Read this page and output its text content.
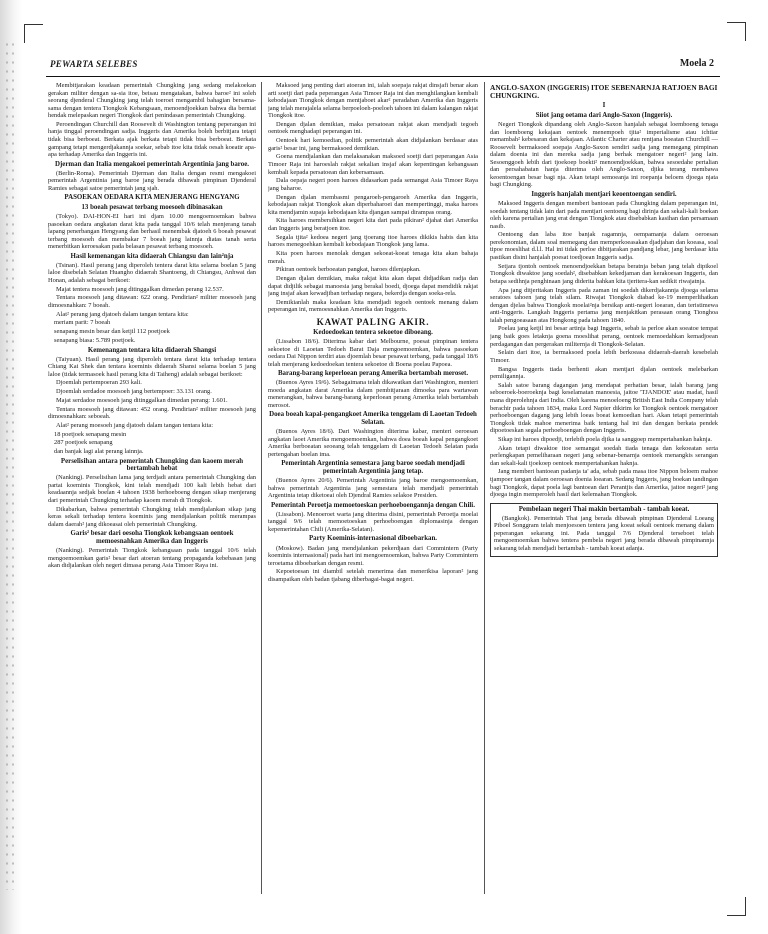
PEWARTA SELEBES	Moela 2

Membitjarakan keadaan pemerintah Chungking jang sedang melakoekan gerakan militer dengan sa-sia itoe, beisau mengatakan, bahwa baroe² ini soleh seorang djenderal Chungking jang telah toeroet mengambil bahagian bersama-sama dengan tentera Tiongkok Kebangsaan, menoendjoekkan bahwa dia berniat hendak melepaskan negeri Tiongkok dari penindasan pemerintah Chungking.

Peroendingan Churchill dan Roosevelt di Washington tentang peperangan ini hanja tinggal peroendingan sadja. Inggeris dan Amerika boleh berbitjara tetapi tidak bisa berboeat. Berkata ajak berkata tetapi tidak bisa berboeat. Berkata gampang tetapi mengerdjakannja soekar, sebab itoe kita tidak oesah koeatir apa-apa terhadap Amerika dan Inggeris ini.

Djerman dan Italia mengakoei pemerintah Argentinia jang baroe.

(Berlin-Roma). Pemerintah Djerman dan Italia dengan resmi mengakoei pemerintah Argentinia jang baroe jang berada dibawah pimpinan Djenderal Ramies sebagai satoe pemerintah jang sjah.

PASOEKAN OEDARA KITA MENJERANG HENGYANG
13 boeah pesawat terbang moesoeh dibinasakan

(Tokyo). DAI-HON-EI hari ini djam 10.00 mengoemoemkan bahwa pasoekan oedara angkatan darat kita pada tanggal 10/6 telah menjerang tanah lapang penerbangan Hengyang dan berhasil menembak djatoeh 6 boeah pesawat terbang moesoeh dan membakar 7 boeah jang lainnja diatas tanah serta menerbitkan keroesakan pada belasan pesawat terbang moesoeh.

Hasil kemenangan kita didaerah Chiangsu dan lain²nja

(Tsinan). Hasil perang jang diperoleh tentera darat kita selama boelan 5 jang laloe disebelah Selatan Huangho didaerah Shantoeng, di Chiangsu, Anhwai dan Honan, adalah sebagai berikoet:

Majat tentera moesoeh jang ditinggalkan dimedan perang 12.537.

Tentara moesoeh jang ditawan: 622 orang. Pendirian² militer moesoeh jang dimoesnahkan: 7 boeah.

Alat² perang jang djatoeh dalam tangan tentara kita:

meriam parit: 7 boeah

senapang mesin besar dan ketjil 112 poetjoek

senapang biasa: 5.789 poetjoek.

Kemenangan tentara kita didaerah Shangsi

(Taiyuan). Hasil perang jang diperoleh tentara darat kita terhadap tentara Chiang Kai Shek dan tentara koeminis didaerah Shansi selama boelan 5 jang laloe (tidak termasoek hasil perang kita di Taiheng) adalah sebagai berikoet:

Djoemlah pertempoeran 293 kali.

Djoemlah serdadoe moesoeh jang bertempoer: 33.131 orang.

Majat serdadoe moesoeh jang ditinggalkan dimedan perang: 1.601.

Tentara moesoeh jang ditawan: 452 orang. Pendirian² militer moesoeh jang dimoesnahkan: seboeah.

Alat² perang moesoeh jang djatoeh dalam tangan tentara kita:

18 poetjoek senapang mesin

287 poetjoek senapang

dan banjak lagi alat perang lainnja.

Perselisihan antara pemerintah Chungking dan kaoem merah bertambah hebat

(Nanking). Perselisihan lama jang terdjadi antara pemerintah Chungking dan partai koeminis Tiongkok, kini telah mendjadi 100 kali lebih hebat dari keadaannja sedjak boelan 4 tahoen 1938 berhoeboeng dengan sikap menjerang dari pemerintah Chungking terhadap kaoem merah di Tiongkok.

Dikabarkan, bahwa pemerintah Chungking telah mendjalankan sikap jang keras sekali terhadap tentera koeminis jang mendjalankan politik merampas dalam daerah² jang dikoeasai oleh pemerintah Chungking.

Garis² besar dari oesoha Tiongkok kebangsaan oentoek memoesnahkan Amerika dan Inggeris

(Nanking). Pemerintah Tiongkok kebangsaan pada tanggal 10/6 telah mengoemoemkan garis² besar dari atoeran tentang propaganda kebebasan jang akan didjalankan oleh negeri dimasa perang Asia Timoer Raya ini.

Maksoed jang penting dari atoeran ini, ialah soepaja rakjat dinsjafi benar akan arti soetji dari pada peperangan Asia Timoer Raja ini dan menghilangkan kembali kebodajaan Tiongkok dengan mentjaboet akar² peradaban Amerika dan Inggeris jang telah merajalela selama berpoeloeh-poeloeh tahoen ini dalam kalangan rakjat Tiongkok itoe.

Dengan djalan demikian, maka persatoean rakjat akan mendjadi tegoeh oentoek menghadapi peperangan ini.

Oentoek hari kemoedian, politik pemerintah akan didjalankan berdasar atas garis² besar ini, jang bermaksoed demikian.

Goena mendjalankan dan melaksanakan maksoed soetji dari peperangan Asia Timoer Raja ini haroeslah rakjat sekalian insjaf akan kepentingan kebangsaan kembali kepada persatoean dan kebersamaan.

Dala oepaja negeri poen haroes didasarkan pada semangat Asia Timoer Raya jang baharoe.

Dengan djalan membasmi pengaroeh-pengaroeh Amerika dan Inggeris, kebodajaan rakjat Tiongkok akan diperbaharoei dan mempertinggi, maka haroes kita mendjamin supaja kebodajaan kita djangan sampai dirampas orang.

Kita haroes membersihkan negeri kita dari pada pikiran² djahat dari Amerika dan Inggeris jang beratjoen itoe.

Segala tjita² kedoea negeri jang tjoerang itoe haroes dikikis habis dan kita haroes menegoehkan kembali kebodajaan Tiongkok jang lama.

Kita poen haroes menolak dengan sekoeat-koeat tenaga kita akan bahaja merah.

Pikiran oentoek berboeatan pangkat, haroes dilenjapkan.

Dengan djalan demikian, maka rakjat kita akan dapat didjadikan radja dan dapat didjilik sebagai manoesia jang berakal boedi, djoega dapat mendidik rakjat jang insjaf akan kewadjiban terhadap negara, bekerdja dengan soeka-rela.

Demikianlah maka keadaan kita mendjadi tegoeh oentoek menang dalam peperangan ini, memoesnahkan Amerika dan Inggeris.

KAWAT PALING AKIR.
Kedoedoekan tentera sekoetoe diboeang.

(Lissabon 18/6). Diterima kabar dari Melbourne, poesat pimpinan tentera sekoetoe di Laoetan Tedoeh Barat Daja mengoemoemkan, bahwa pasoekan oedara Dai Nippon terdiri atas djoemlah besar pesawat terbang, pada tanggal 18/6 telah menjerang kedoedoekan tentera sekoetoe di Boena poelau Papoea.

Barang-barang keperloean perang Amerika bertambah meroset.

(Buenos Ayres 19/6). Sebagaimana telah dikawatkan dari Washington, menteri moeda angkatan darat Amerika dalam pembitjaraan dimoeka para wartawan menerangkan, bahwa barang-barang keperloean perang Amerika telah bertambah merosot.

Doea boeah kapal-pengangkoet Amerika tenggelam di Laoetan Tedoeh Selatan.

(Buenos Ayres 18/6). Dari Washington diterima kabar, menteri oeroesan angkatan laoet Amerika mengoemoemkan, bahwa doea boeah kapal pengangkoet Amerika berboeatan seoeang telah tenggelam di Laoetan Tedoeh Selatan pada pertengahan boelan ima.

Pemerintah Argentinia semestara jang baroe soedah mendjadi pemerintah Argentinia jang tetap.

(Buenos Ayres 20/6). Pemerintah Argentinia jang baroe mengoemoemkan, bahwa pemerintah Argentinia jang semestara telah mendjadi pemerintah Argentinia tetap diketoeai oleh Djendral Ramies selakoe Presiden.

Pemerintah Peroetja memoetoeskan perhoeboengannja dengan Chili.

(Lissabon). Menoeroet warta jang diterima disini, pemerintah Peroetja moelai tanggal 9/6 telah memoetoeskan perhoeboengan diplomasinja dengan kepemerintahan Chili (Amerika-Selatan).

Party Koeminis-internasional diboebarkan.

(Moskow). Badan jang mendjalankan pekerdjaan dari Commintern (Party koeminis internasional) pada hari ini mengoemoemkan, bahwa Party Commintern teroetama diboebarkan dengan resmi.

Kepoetoesan ini diambil setelah menerima dan menerikisa laporan² jang disampaikan oleh badan tjabang diberbagai-bagai negeri.

ANGLO-SAXON (INGGERIS) ITOE SEBENARNJA RATJOEN BAGI CHUNGKING.
I
Siiot jang oetama dari Anglo-Saxon (Inggeris).

Negeri Tiongkok dipandang oleh Anglo-Saxon hanjalah sebagai loemboeng tenaga dan loemboeng kekajaan oentoek menempoeh tjita² imperialisme atau ichtiar menambah² kebesaran dan kekajaan. Atlantic Charter atau rentjana boeatan Churchill — Roosevelt bermaksoed soepaja Anglo-Saxon sendiri sadja jang memegang pimpinan dalam doenia ini dan mereka sadja jang berhak mengatoer negeri² jang lain. Sesoenggoeh lebih dari tjoekoep boekti² menoendjoekkan, bahwa sesoedahe pertalian dan persahabatan hanja diterima oleh Anglo-Saxon, djika terang membawa keoentoengan besar bagi nja. Akan tetapi semoeanja ini roepanja beloem djoega njata bagi Chungking.

Inggeris hanjalah mentjari keoentoengan sendiri.

Maksoed Inggeris dengan memberi bantoean pada Chungking dalam peperangan ini, soedah tentang tidak lain dari pada mentjari oentoeng bagi dirinja dan sekali-kali boekan oleh karena pertalian jang erat dengan Tiongkok atau disebabkan kasihan dan persamaan nasib.

Oentoeng dan laba itoe banjak ragamnja, oempamanja dalam oeroesan perekonomian, dalam soal memegang dan memperkoeasakan djadjahan dan koeasa, soal tipoe moeslihat d.l.l. Hal ini tidak perloe dibitjarakan pandjang lebar, jang berdasar kita pastikan disini hanjalah poesat toedjoean Inggeris sadja.

Setjara tjontoh oentoek menoendjoekkan betapa beratnja beban jang telah dipikoel Tiongkok diwaktoe jang soedah², disebabkan kekedjaman dan kerakoesan Inggeris, dan betapa sedihnja penghinaan jang diderita bahkan kita tjeritera-kan sedikit riwajatnja.

Apa jang ditjeritakan Inggeris pada zaman ini soedah dikerdjakannja djoega selama seratoes tahoen jang telah silam. Riwajat Tiongkok diabad ke-19 memperlihatkan dengan djelas bahwa Tiongkok moelai²nja bersikap anti-negeri loearan, dan teristimewa anti-Inggeris. Langkah Inggeris pertama jang menjakitkan perasaan orang Tionghoa ialah pengoeasaan atas Hongkong pada tahoen 1840.

Poelau jang ketjil ini besar artinja bagi Inggeris, sebab ia perloe akan soeatoe tempat jang baik goes letaknja goena moeslihat perang, oentoek memoedahkan kemadjoean perdagangan dan pergerakan militernja di Tiongkok-Selatan.

Selain dari itoe, ia bermaksoed poela lebih berkoeasa didaerah-daerah kesebelah Timoer.

Bangsa Inggeris tiada berhenti akan mentjari djalan oentoek melebarkan pemiligannja.

Salah satoe barang dagangan jang mendapat perhatian besar, ialah barang jang seboeroek-boeroeknja bagi keselamatan manoesia, jaitoe 'TJANDOE' atau madat, hasil mana diperolehnja dari India. Oleh karena menoeloeng British East India Company telah berachir pada tahoen 1834, maka Lord Napier dikirim ke Tiongkok oentoek mengatoer perhoeboengan dagang jang lebih loeas boeat kemoedian hari. Akan tetapi pemerintah Tiongkok tidak mahoe menerima baik tentang hal ini dan dengan berkata pendek dipoetoeskan segala perhoeboengan dengan Inggeris.

Sikap ini haroes dipoedji, terlebih poela djika ia sanggoep mempertahankan haknja.

Akan tetapi diwaktoe itoe semangat soedah tiada tenaga dan kekoeatan serta perlengkapan pemeliharaan negeri jang sebenar-benarnja oentoek menangkis serangan dan sekali-kali tjoekoep oentoek mempertahankan haknja.

Jang memberi bantoean padanja ta' ada, sebab pada masa itoe Nippon beloem mahoe tjampoer tangan dalam oeroesan doenia loearan. Sedang Inggeris, jang boekan tandingan bagi Tiongkok, dapat poela lagi bantoean dari Perantjis dan Amerika, jaitoe negeri² jang djoega ingin memperoleh hasil dari kelemahan Tiongkok.

Pembelaan negeri Thai makin bertambah - tambah koeat.

(Bangkok). Pemerintah Thai jang berada dibawah pimpinan Djenderal Loeang Piboel Songgram telah menjoesoen tentera jang koeat sekali oentoek menang dalam peperangan sekarang ini. Pada tanggal 7/6 Djenderal terseboet telah mengoemoemkan bahwa tentera pembela negeri jang berada dibawah pimpinannja sekarang telah mendjadi bertambah - tambah koeat adanja.
